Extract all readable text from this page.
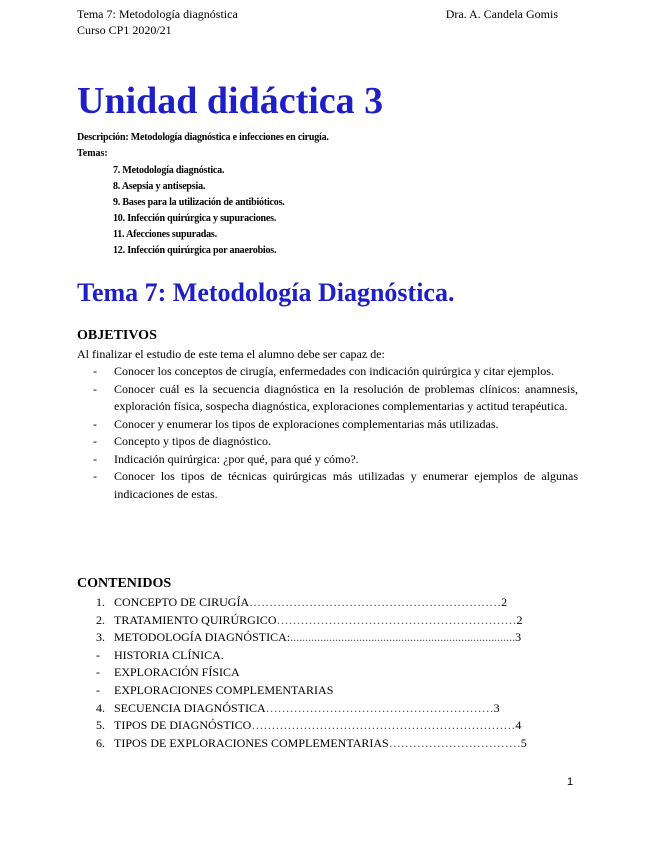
Tema 7: Metodología diagnóstica
Curso CP1 2020/21
Dra. A. Candela Gomis
Unidad didáctica 3
Descripción: Metodología diagnóstica e infecciones en cirugía.
Temas:
7. Metodología diagnóstica.
8. Asepsia y antisepsia.
9. Bases para la utilización de antibióticos.
10. Infección quirúrgica y supuraciones.
11. Afecciones supuradas.
12. Infección quirúrgica por anaerobios.
Tema 7: Metodología Diagnóstica.
OBJETIVOS
Al finalizar el estudio de este tema el alumno debe ser capaz de:
- Conocer los conceptos de cirugía, enfermedades con indicación quirúrgica y citar ejemplos.
- Conocer cuál es la secuencia diagnóstica en la resolución de problemas clínicos: anamnesis, exploración física, sospecha diagnóstica, exploraciones complementarias y actitud terapéutica.
- Conocer y enumerar los tipos de exploraciones complementarias más utilizadas.
- Concepto y tipos de diagnóstico.
- Indicación quirúrgica: ¿por qué, para qué y cómo?.
- Conocer los tipos de técnicas quirúrgicas más utilizadas y enumerar ejemplos de algunas indicaciones de estas.
CONTENIDOS
1. CONCEPTO DE CIRUGÍA………………………………………………………2
2. TRATAMIENTO QUIRÚRGICO……………………………………………………2
3. METODOLOGÍA DIAGNÓSTICA:...........................................................................3
- HISTORIA CLÍNICA.
- EXPLORACIÓN FÍSICA
- EXPLORACIONES COMPLEMENTARIAS
4. SECUENCIA DIAGNÓSTICA…………………………………………………3
5. TIPOS DE DIAGNÓSTICO…………………………………………………………4
6. TIPOS DE EXPLORACIONES COMPLEMENTARIAS……………………………5
1
